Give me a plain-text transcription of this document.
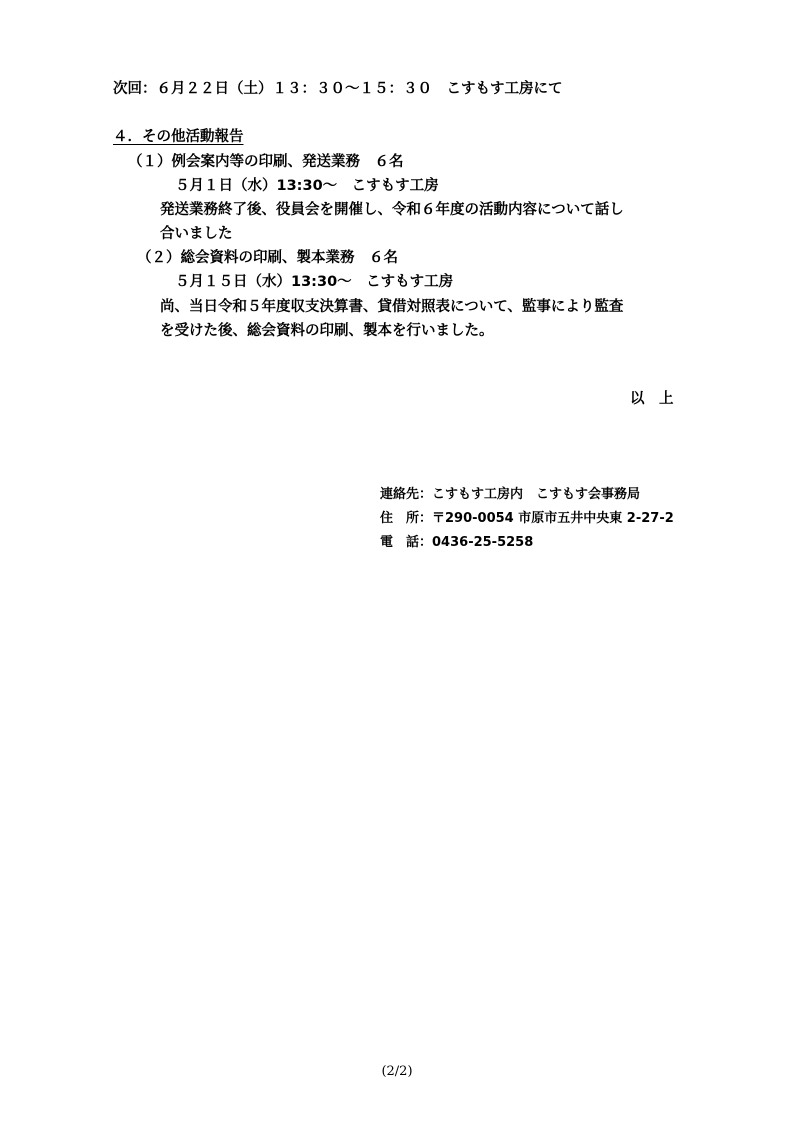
次回：６月２２日（土）１３：３０〜１５：３０　こすもす工房にて
４．その他活動報告
（１）例会案内等の印刷、発送業務　６名
５月１日（水）13:30〜　こすもす工房
発送業務終了後、役員会を開催し、令和６年度の活動内容について話し
合いました
（２）総会資料の印刷、製本業務　６名
５月１５日（水）13:30〜　こすもす工房
尚、当日令和５年度収支決算書、貸借対照表について、監事により監査
を受けた後、総会資料の印刷、製本を行いました。
以　上
連絡先：こすもす工房内　こすもす会事務局
住　所：〒290-0054 市原市五井中央東 2-27-2
電　話：0436-25-5258
(2/2)
